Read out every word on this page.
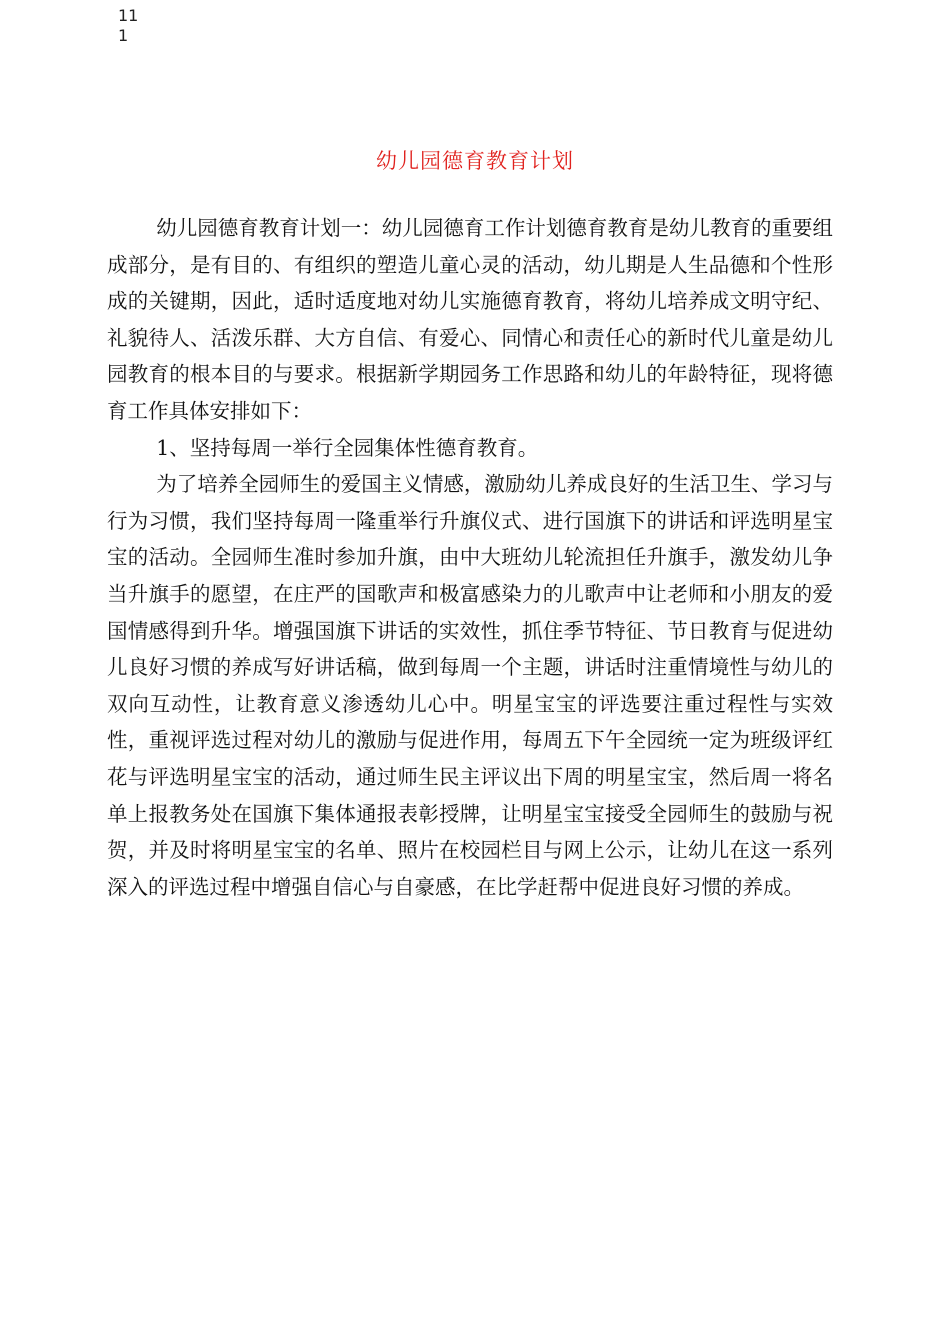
11
1
幼儿园德育教育计划

幼儿园德育教育计划一：幼儿园德育工作计划德育教育是幼儿教育的重要组成部分，是有目的、有组织的塑造儿童心灵的活动，幼儿期是人生品德和个性形成的关键期，因此，适时适度地对幼儿实施德育教育，将幼儿培养成文明守纪、礼貌待人、活泼乐群、大方自信、有爱心、同情心和责任心的新时代儿童是幼儿园教育的根本目的与要求。根据新学期园务工作思路和幼儿的年龄特征，现将德育工作具体安排如下：

1、坚持每周一举行全园集体性德育教育。

为了培养全园师生的爱国主义情感，激励幼儿养成良好的生活卫生、学习与行为习惯，我们坚持每周一隆重举行升旗仪式、进行国旗下的讲话和评选明星宝宝的活动。全园师生准时参加升旗，由中大班幼儿轮流担任升旗手，激发幼儿争当升旗手的愿望，在庄严的国歌声和极富感染力的儿歌声中让老师和小朋友的爱国情感得到升华。增强国旗下讲话的实效性，抓住季节特征、节日教育与促进幼儿良好习惯的养成写好讲话稿，做到每周一个主题，讲话时注重情境性与幼儿的双向互动性，让教育意义渗透幼儿心中。明星宝宝的评选要注重过程性与实效性，重视评选过程对幼儿的激励与促进作用，每周五下午全园统一定为班级评红花与评选明星宝宝的活动，通过师生民主评议出下周的明星宝宝，然后周一将名单上报教务处在国旗下集体通报表彰授牌，让明星宝宝接受全园师生的鼓励与祝贺，并及时将明星宝宝的名单、照片在校园栏目与网上公示，让幼儿在这一系列深入的评选过程中增强自信心与自豪感，在比学赶帮中促进良好习惯的养成。
